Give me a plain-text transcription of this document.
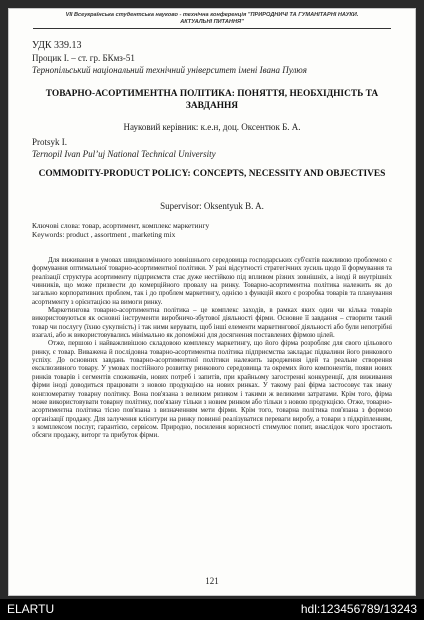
VII Всеукраїнська студентська науково - технічна конференція "ПРИРОДНИЧІ ТА ГУМАНІТАРНІ НАУКИ.
АКТУАЛЬНІ ПИТАННЯ"
УДК 339.13
Процик І. – ст. гр. БКмз-51
Тернопільський національний технічний університет імені Івана Пулюя
ТОВАРНО-АСОРТИМЕНТНА ПОЛІТИКА: ПОНЯТТЯ, НЕОБХІДНІСТЬ ТА ЗАВДАННЯ
Науковий керівник: к.е.н, доц. Оксентюк Б. А.
Protsyk I.
Ternopil Ivan Pul’uj National Technical University
COMMODITY-PRODUCT POLICY: CONCEPTS, NECESSITY AND OBJECTIVES
Supervisor: Oksentyuk B. A.
Ключові слова: товар, асортимент, комплекс маркетингу
Keywords: product , assortment , marketing mix

Для виживання в умовах швидкозмінного зовнішнього середовища господарських суб'єктів важливою проблемою є формування оптимальної товарно-асортиментної політики. У разі відсутності стратегічних зусиль щодо її формування та реалізації структура асортименту підприємств стає дуже нестійкою під впливом різних зовнішніх, а іноді й внутрішніх чинників, що може призвести до комерційного провалу на ринку. Товарно-асортиментна політика належить як до загально корпоративних проблем, так і до проблем маркетингу, однією з функцій якого є розробка товарів та планування асортименту з орієнтацією на вимоги ринку.

Маркетингова товарно-асортиментна політика – це комплекс заходів, в рамках яких один чи кілька товарів використовуються як основні інструменти виробничо-збутової діяльності фірми. Основне її завдання – створити такий товар чи послугу (їхню сукупність) і так ними керувати, щоб інші елементи маркетингової діяльності або були непотрібні взагалі, або ж використовувались мінімально як допоміжні для досягнення поставлених фірмою цілей.

Отже, першою і найважливішою складовою комплексу маркетингу, що його фірма розробляє для свого цільового ринку, є товар. Виважена й послідовна товарно-асортиментна політика підприємства закладає підвалини його ринкового успіху. До основних завдань товарно-асортиментної політики належить зародження ідей та реальне створення ексклюзивного товару. У умовах постійного розвитку ринкового середовища та окремих його компонентів, появи нових ринків товарів і сегментів споживачів, нових потреб і запитів, при крайньому загостренні конкуренції, для виживання фірми іноді доводиться працювати з новою продукцією на нових ринках. У такому разі фірма застосовує так звану конгломератну товарну політику. Вона пов'язана з великим ризиком і такими ж великими затратами. Крім того, фірма може використовувати товарну політику, пов'язану тільки з новим ринком або тільки з новою продукцією. Отже, товарно-асортиментна політика тісно пов'язана з визначенням мети фірми. Крім того, товарна політика пов'язана з формою організації продажу. Для залучення клієнтури на ринку повинні реалізуватися переваги виробу, а товари з підкріпленням, з комплексом послуг, гарантією, сервісом. Природно, посилення корисності стимулює попит, внаслідок чого зростають обсяги продажу, виторг та прибуток фірми.

121
ELARTU	hdl:123456789/13243
